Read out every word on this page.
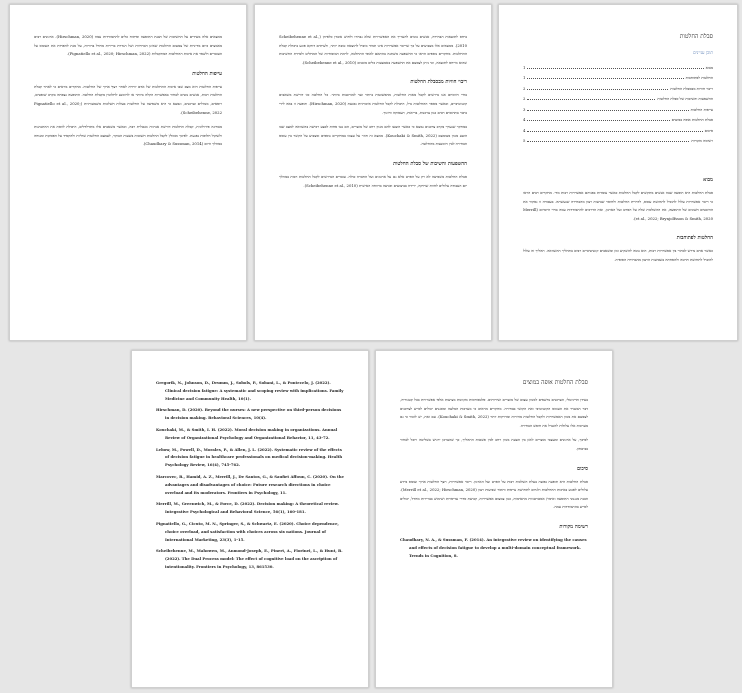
סבלת החלטות
תוכן עניינים
מבוא
1
החלטות לפתוחבות
1
ריבוי חוויות מבסבלת החלטות
2
ההשפעות והשיבות של סבלת החלטות
2
עייפות החלטות
3
סבלת החלטות אופה במוצים
4
סיכום
4
רשימה מקורות
5
מבוא

סבלת החלטות היא תופעה שבה אנשים מתקשים לקבל החלטות כאשר עומדות בפניהם אפשרויות רבות מדי. מחקרים רבים הראו כי ריבוי אפשרויות עלול להוביל לתחושת עומס, לדחיית החלטות ולחוסר שביעות רצון מהבחירה שנעשתה. בעבודה זו נסקור את ההיבטים השונים של התופעה, את ההשלכות שלה על הפרט ועל הארגון, ואת הדרכים להתמודדות עמה בחיי היומיום (Merrill et al., 2022; Brynjolfsson & Smith, 2020).

החלטות לפתוחבות

כאשר אדם נדרש לבחור בין אפשרויות רבות, הוא נוטה להשקיע זמן ומשאבים קוגניטיביים רבים בתהליך ההשוואה. תהליך זה עלול להוביל לתחושת חרטה ולהפחתה בשביעות הרצון מהבחירה הסופית.

ביחס לתוצאות הבחירה, אנשים נוטים להעריך את האפשרויות שלא נבחרו ולחוש אובדן כלפיהן (Scheibehenne et al., 2010). ממצאים אלו מצביעים על כך שריבוי אפשרויות אינו תמיד מוביל לתוצאה טובה יותר, ולעיתים דווקא פוגע ביכולת קבלת ההחלטות. מחקרים נוספים הראו כי ההשפעה משתנה בהתאם לאופי ההחלטה, לרמת המומחיות של המחליט ולמידת החשיבות שהוא מייחס לתוצאה, וכי ניתן לצמצם את ההשפעה באמצעות כלים מובנים (Scheibehenne et al., 2010).

ריבוי חוויות מבסבלת החלטות

בחיי היומיום אנו נדרשים לקבל מאות החלטות, מהפשוטות ביותר ועד למורכבות ביותר. כל החלטה כזו דורשת משאבים קוגניטיביים, וכאשר מספר ההחלטות גדל, היכולת לקבל החלטות איכותיות נפגעת (Hirschman, 2020). תופעה זו באה לידי ביטוי בתחומים רבים כגון צרכנות, בריאות, תעסוקה וחינוך.

במחקר שנערך בקרב צרכנים נמצא כי כאשר הוצעו להם מגוון רחב של מוצרים, הם נטו פחות לבצע רכישה בהשוואה למצב שבו הוצע מגוון מצומצם (Kouchaki & Smith, 2022). ממצא זה חוזר על עצמו במחקרים נוספים ומצביע על הקשר בין עומס הבחירה לבין הימנעות מהחלטה.

ההשפעות והשיבות של סבלת החלטות

סבלת החלטות משפיעה לא רק על הפרט אלא גם על ארגונים ועל החברה כולה. עובדים הנדרשים לקבל החלטות רבות במהלך יום העבודה עלולים לחוות שחיקה, ירידה בביצועים ופגיעה ברווחה האישית (Scheibehenne et al., 2010).

ממצאים אלה מעידים על החשיבות של הבנת התופעה ופיתוח כלים להתמודדות עמה (Hirschman, 2020). ארגונים רבים מאמצים כיום מדיניות של צמצום החלטות שאינן הכרחיות ושל הגדרת ברירות מחדל ברורות, על מנת להפחית את העומס על העובדים ולשפר את איכות ההחלטות המתקבלות (Pignatiello et al., 2020; Hirschman, 2022).

עייפות החלטות

עייפות החלטות היא מצב שבו איכות ההחלטות של אדם יורדת לאחר רצף ארוך של החלטות. מחקרים מראים כי לאחר קבלת החלטות רבות, אנשים נוטים לבחור באפשרות הקלה ביותר או להימנע לחלוטין מקבלת החלטה. התופעה נצפתה בקרב שופטים, רופאים, מנהלים וצרכנים, ונמצא כי היא משפיעה על החלטות בעלות השלכות משמעותיות (Pignatiello et al., 2020; Scheibehenne, 2022).

מבחינה פיזיולוגית, קבלת החלטות דורשת אנרגיה מנטלית רבה, וכאשר משאבים אלו מתדלדלים, היכולת לווסת את ההתנהגות ולשקול חלופות נפגעת. לפיכך מומלץ לקבל החלטות חשובות בשעות הבוקר, לצמצם החלטות שוליות ולהקפיד על הפסקות ומנוחה במהלך היום (Chaudhary & Sussman, 2014).

סבלת החלטות אופה במוצים

בעידן הדיגיטלי, הצרכנים נחשפים למגוון עצום של מוצרים ושירותים. פלטפורמות מקוונות מציעות אלפי אפשרויות בכל קטגוריה, דבר המגביר את העומס הקוגניטיבי ואת הקושי בבחירה. מחקרים מראים כי מערכות המלצה ומסננים יכולים לסייע לצרכנים לצמצם את מגוון האפשרויות ולקבל החלטות מהירות ומדויקות יותר (Kouchaki & Smith, 2022). עם זאת, יש לזכור כי גם מערכות אלו עלולות להגביל את חופש הבחירה.

לפיכך, על ארגונים ומעצבי מוצרים לאזן בין הצעת מגוון רחב לבין פשטות התהליך, כך שהצרכן ירגיש בשליטה ויוכל לבחור בביטחון.

סיכום

סבלת החלטות היא תופעה נפוצה בעלת השלכות רבות על הפרט ועל הארגון. ריבוי אפשרויות, רצף החלטות ארוך ועומס מידע עלולים לפגוע באיכות ההחלטות ולגרום לתחושת עייפות וחוסר שביעות רצון (Merrill et al., 2022; Hirschman, 2020). הבנת מנגנוני התופעה ואימוץ אסטרטגיות מתאימות, כגון צמצום אפשרויות, קביעת סדרי עדיפויות ושימוש בברירות מחדל, יכולים לסייע בהתמודדות עמה.

רשימה מקורות
Chaudhary, N. A., & Sussman, F. (2014). An integrative review on identifying the causes and effects of decision fatigue to develop a multi-domain conceptual framework. Trends in Cognition, 8.
Gregorik, N., Johnson, D., Drumm, J., Sobols, P., Sobani, L., & Pontecelo, J. (2022). Clinical decision fatigue: A systematic and scoping review with implications. Family Medicine and Community Health, 10(1).
Hirschman, D. (2020). Beyond the nurses: A new perspective on third-person decisions in decision making. Behavioral Sciences, 10(4).
Kouchaki, M., & Smith, I. H. (2022). Moral decision making in organizations. Annual Review of Organizational Psychology and Organizational Behavior, 11, 43-72.
Lebow, M., Powell, D., Morales, P., & Allen, J. L. (2022). Systematic review of the effects of decision fatigue in healthcare professionals on medical decision-making. Health Psychology Review, 16(4), 745-762.
Marcovec, B., Hamid, A. Z., Merrill, J., De Santos, G., & Saufiet Affoun, C. (2020). On the advantages and disadvantages of choice: Future research directions in choice overload and its moderators. Frontiers in Psychology, 11.
Merrill, M., Greenwich, M., & Force, D. (2022). Decision making: A theoretical review. Integrative Psychological and Behavioral Science, 56(1), 160-181.
Pignatiello, G., Cicuto, M. N., Springer, S., & Schwartz, E. (2020). Choice dependence, choice overload, and satisfaction with choices across six nations. Journal of International Marketing, 23(3), 1-15.
Scheibehenne, M., Mahowen, M., Anmond-Joseph, E., Pinert, A., Fiorinei, L., & Hunt, B. (2022). The Dual Process model: The effect of cognitive load on the ascription of intentionality. Frontiers in Psychology, 13, 861530.
